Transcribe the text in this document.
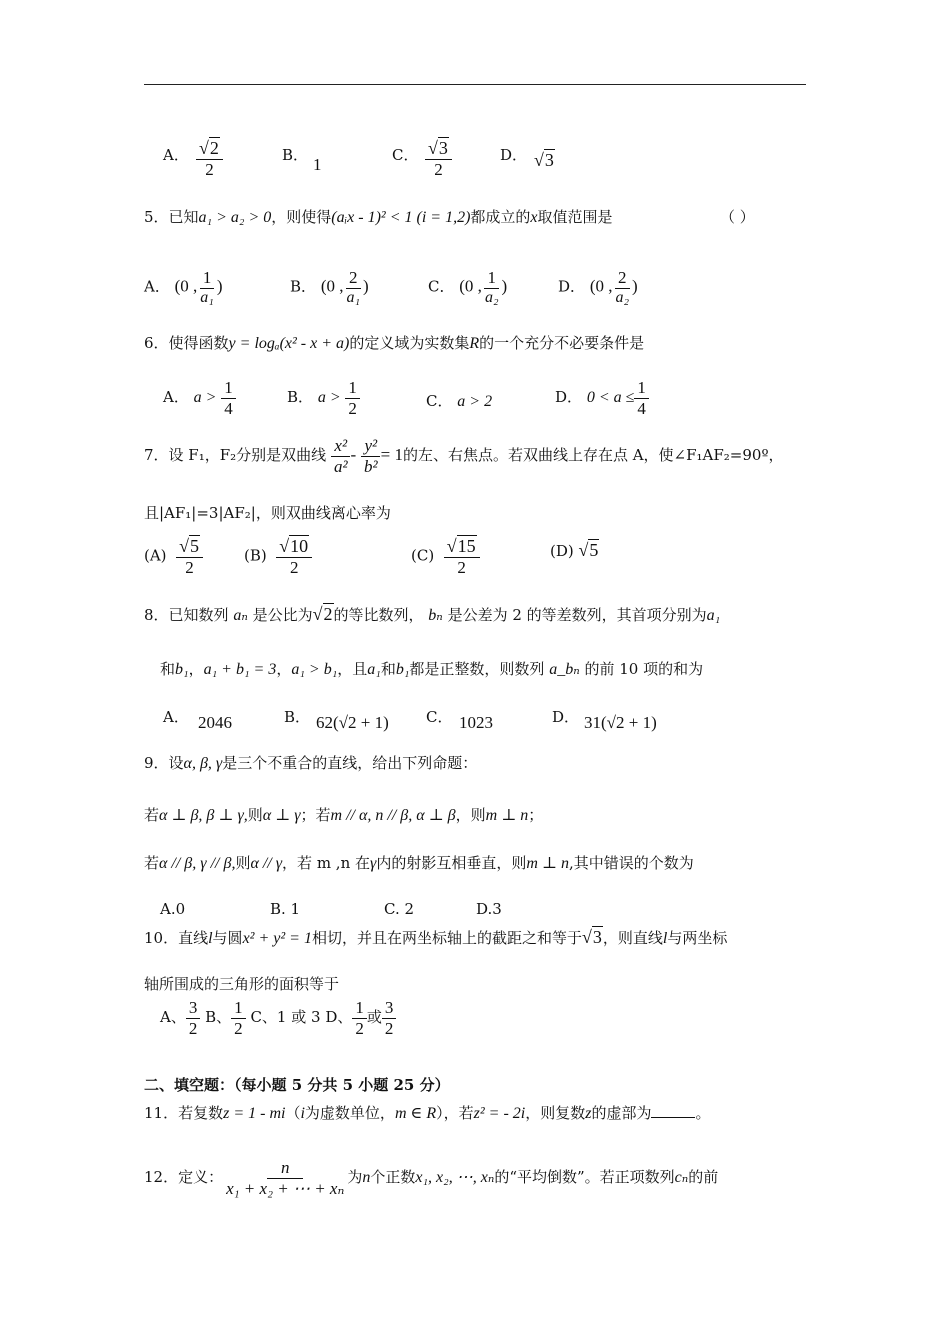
A． $\frac{√2}{2}$	B． 1	C． $\frac{√3}{2}$	D． √3
5．已知a₁ > a₂ > 0，则使得(aᵢx - 1)² < 1 (i = 1,2)都成立的x取值范围是	（ ）
A． (0 , $\frac{1}{\text{a₁}}$ )	B． (0 , $\frac{2}{\text{a₁}}$ )	C． (0 , $\frac{1}{\text{a₂}}$ )	D． (0 , $\frac{2}{\text{a₂}}$ )
6．使得函数y = logₐ(x² - x + a)的定义域为实数集R的一个充分不必要条件是
A． $a > \frac{1}{4}$	B． $a > \frac{1}{2}$	C． a > 2	D． $0 < a \le \frac{1}{4}$
7．设 F₁，F₂分别是双曲线 $\frac{\text{x²}}{\text{a²}} - \frac{\text{y²}}{\text{b²}} = 1$的左、右焦点。若双曲线上存在点 A，使∠F₁AF₂=90º，
且|AF₁|=3|AF₂|，则双曲线离心率为
$(A) \frac{√5}{2}$	$(B) \frac{√10}{2}$	$(C) \frac{√15}{2}$	(D) √5
8．已知数列 aₙ 是公比为√2的等比数列， bₙ 是公差为 2 的等差数列，其首项分别为a₁
和b₁，a₁ + b₁ = 3，a₁ > b₁，且a₁和b₁都是正整数，则数列 a_bₙ 的前 10 项的和为
A． 2046	B． 62(√2 + 1) C． 1023	D． 31(√2 + 1)
9．设α, β, γ是三个不重合的直线，给出下列命题：
若α ⊥ β, β ⊥ γ,则α ⊥ γ；若m // α, n // β, α ⊥ β，则m ⊥ n；
若α // β, γ // β,则α // γ，若 m ,n 在γ内的射影互相垂直，则m ⊥ n,其中错误的个数为
A.0	B. 1	C. 2	D.3
10．直线l与圆x² + y² = 1相切，并且在两坐标轴上的截距之和等于√3，则直线l与两坐标
轴所围成的三角形的面积等于
A、 $\frac{3}{2}$ B、 $\frac{1}{2}$ C、1 或 3 D、 $\frac{1}{2}$ 或 $\frac{3}{2}$
二、填空题：（每小题 5 分共 5 小题 25 分）
11．若复数z = 1 - mi（i为虚数单位，m ∈ R），若z² = - 2i，则复数z的虚部为	。
12．定义： $\frac{n}{\text{x₁ + x₂ + ⋯ + xₙ}}$ 为n个正数x₁, x₂, ⋯, xₙ的“平均倒数”。若正项数列cₙ的前
